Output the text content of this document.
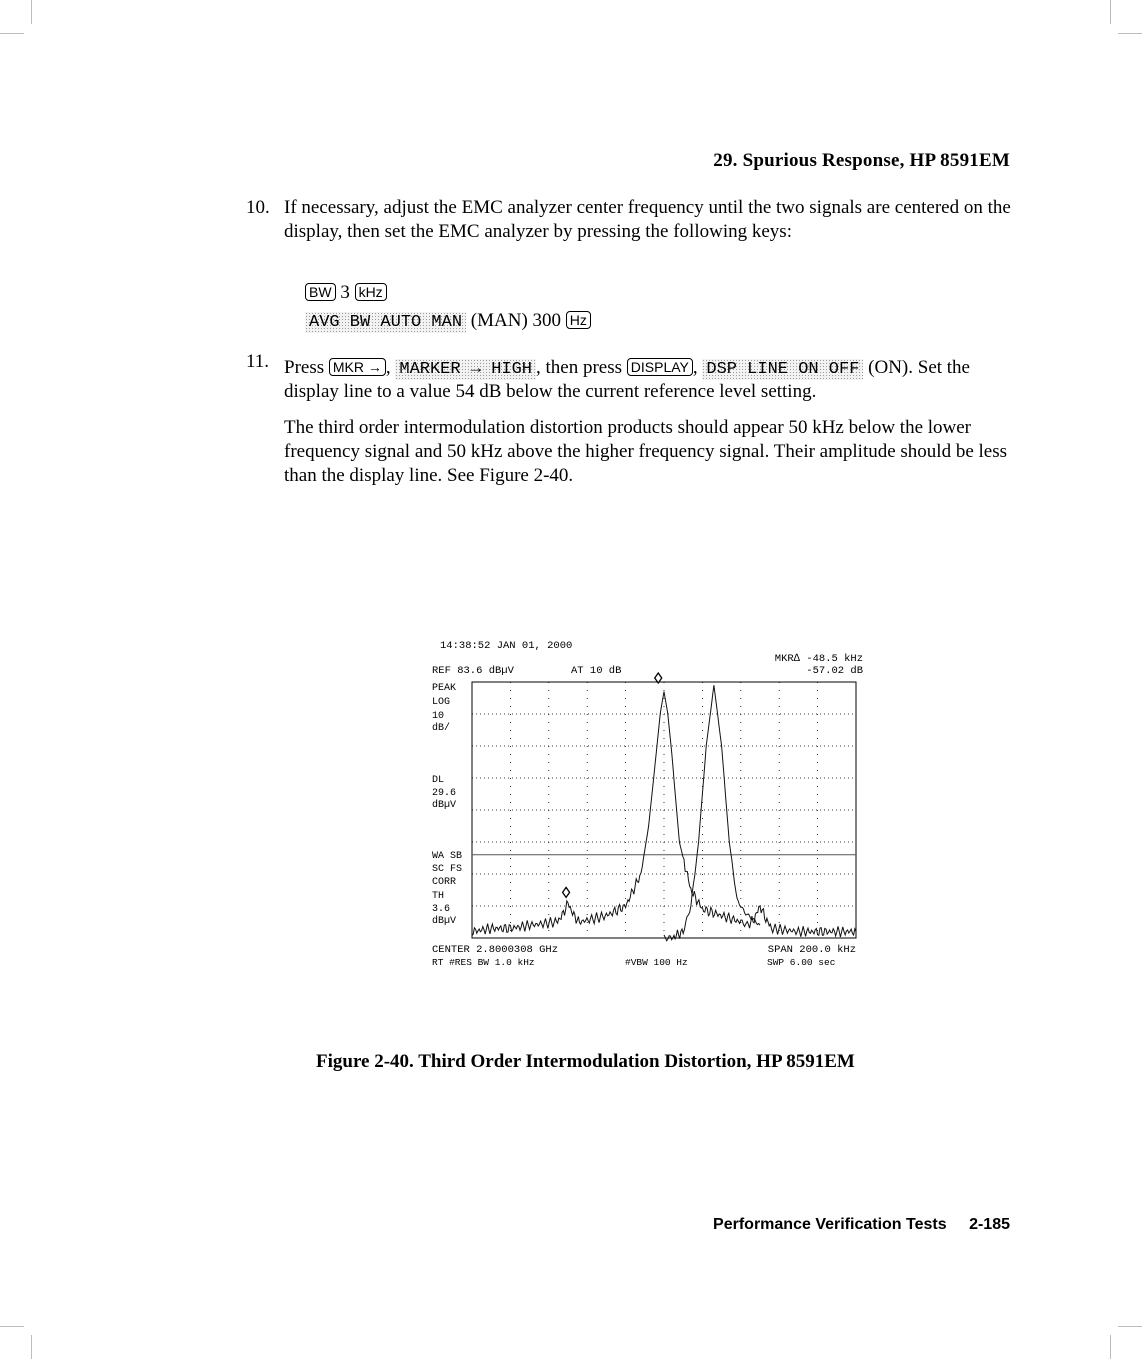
29. Spurious Response, HP 8591EM
10. If necessary, adjust the EMC analyzer center frequency until the two signals are centered on the display, then set the EMC analyzer by pressing the following keys:

BW 3 kHz
AVG BW AUTO MAN (MAN) 300 Hz
11. Press MKR → , MARKER → HIGH , then press DISPLAY , DSP LINE ON OFF (ON). Set the display line to a value 54 dB below the current reference level setting.

The third order intermodulation distortion products should appear 50 kHz below the lower frequency signal and 50 kHz above the higher frequency signal. Their amplitude should be less than the display line. See Figure 2-40.

14:38:52 JAN 01, 2000
MKR∆ -48.5 kHz
-57.02 dB
REF 83.6 dBµV	AT 10 dB
CENTER 2.8000308 GHz	SPAN 200.0 kHz
RT #RES BW 1.0 kHz	#VBW 100 Hz	SWP 6.00 sec
PEAK
LOG
10
dB/
DL
29.6
dBµV
WA SB
SC FS
CORR
TH
3.6
dBµV
Figure 2-40. Third Order Intermodulation Distortion, HP 8591EM
Performance Verification Tests 2-185
